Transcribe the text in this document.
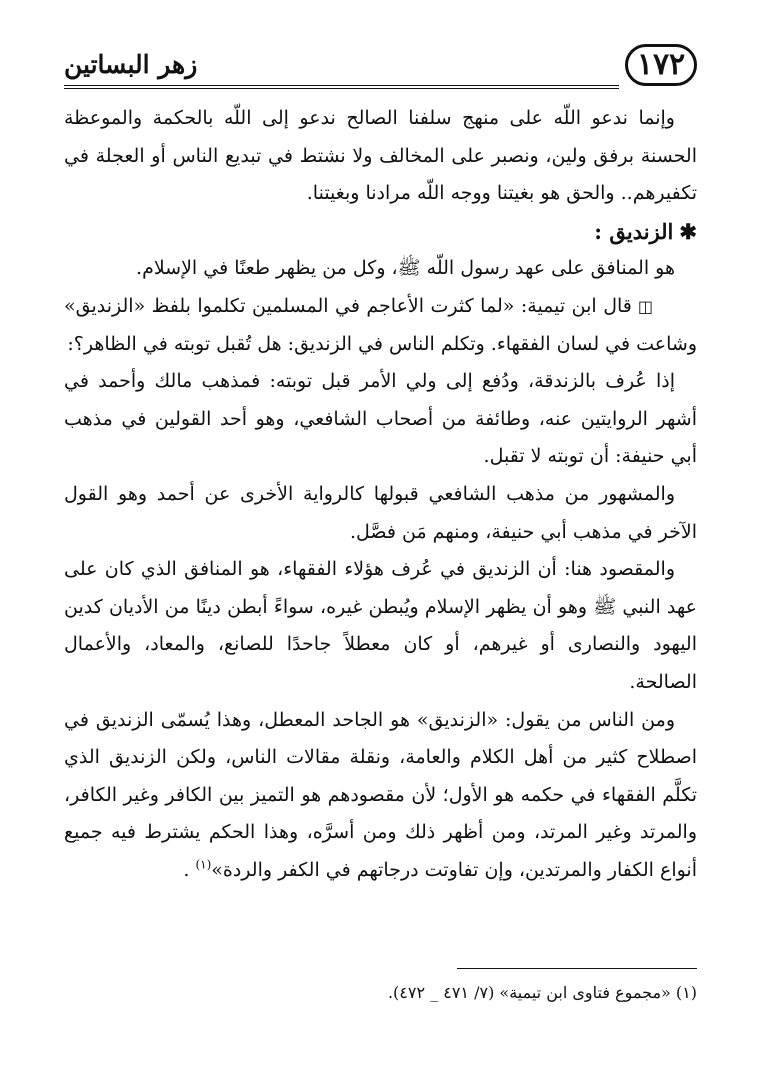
١٧٢
زهر البساتين

وإنما ندعو اللّه على منهج سلفنا الصالح ندعو إلى اللّه بالحكمة والموعظة الحسنة برفق ولين، ونصبر على المخالف ولا نشتط في تبديع الناس أو العجلة في تكفيرهم.. والحق هو بغيتنا ووجه اللّه مرادنا وبغيتنا.

✱الزنديق :

هو المنافق على عهد رسول اللّه ﷺ، وكل من يظهر طعنًا في الإسلام.

◫قال ابن تيمية: «لما كثرت الأعاجم في المسلمين تكلموا بلفظ «الزنديق» وشاعت في لسان الفقهاء. وتكلم الناس في الزنديق: هل تُقبل توبته في الظاهر؟:

إذا عُرف بالزندقة، ودُفع إلى ولي الأمر قبل توبته: فمذهب مالك وأحمد في أشهر الروايتين عنه، وطائفة من أصحاب الشافعي، وهو أحد القولين في مذهب أبي حنيفة: أن توبته لا تقبل.

والمشهور من مذهب الشافعي قبولها كالرواية الأخرى عن أحمد وهو القول الآخر في مذهب أبي حنيفة، ومنهم مَن فصَّل.

والمقصود هنا: أن الزنديق في عُرف هؤلاء الفقهاء، هو المنافق الذي كان على عهد النبي ﷺ وهو أن يظهر الإسلام ويُبطن غيره، سواءً أبطن دينًا من الأديان كدين اليهود والنصارى أو غيرهم، أو كان معطلاً جاحدًا للصانع، والمعاد، والأعمال الصالحة.

ومن الناس من يقول: «الزنديق» هو الجاحد المعطل، وهذا يُسمّى الزنديق في اصطلاح كثير من أهل الكلام والعامة، ونقلة مقالات الناس، ولكن الزنديق الذي تكلَّم الفقهاء في حكمه هو الأول؛ لأن مقصودهم هو التميز بين الكافر وغير الكافر، والمرتد وغير المرتد، ومن أظهر ذلك ومن أسرَّه، وهذا الحكم يشترط فيه جميع أنواع الكفار والمرتدين، وإن تفاوتت درجاتهم في الكفر والردة»$^{(١)}$ .

(١) «مجموع فتاوى ابن تيمية» (٧/ ٤٧١ _ ٤٧٢).
